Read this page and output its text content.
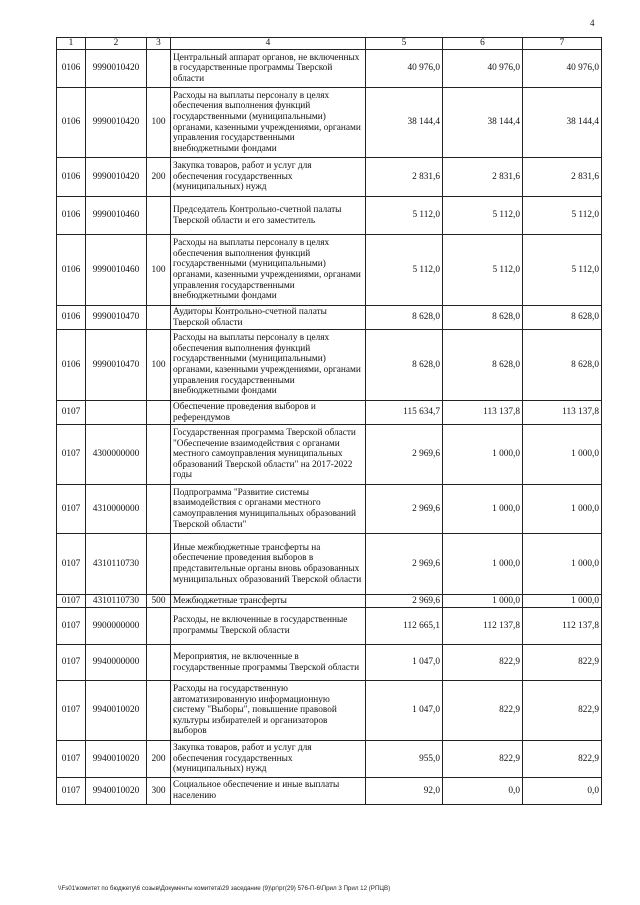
4
1	2	3	4	5	6	7
0106	9990010420		Центральный аппарат органов, не включенных в государственные программы Тверской области	40 976,0	40 976,0	40 976,0
0106	9990010420	100	Расходы на выплаты персоналу в целях обеспечения выполнения функций государственными (муниципальными) органами, казенными учреждениями, органами управления государственными внебюджетными фондами	38 144,4	38 144,4	38 144,4
0106	9990010420	200	Закупка товаров, работ и услуг для обеспечения государственных (муниципальных) нужд	2 831,6	2 831,6	2 831,6
0106	9990010460		Председатель Контрольно-счетной палаты Тверской области и его заместитель	5 112,0	5 112,0	5 112,0
0106	9990010460	100	Расходы на выплаты персоналу в целях обеспечения выполнения функций государственными (муниципальными) органами, казенными учреждениями, органами управления государственными внебюджетными фондами	5 112,0	5 112,0	5 112,0
0106	9990010470		Аудиторы Контрольно-счетной палаты Тверской области	8 628,0	8 628,0	8 628,0
0106	9990010470	100	Расходы на выплаты персоналу в целях обеспечения выполнения функций государственными (муниципальными) органами, казенными учреждениями, органами управления государственными внебюджетными фондами	8 628,0	8 628,0	8 628,0
0107			Обеспечение проведения выборов и референдумов	115 634,7	113 137,8	113 137,8
0107	4300000000		Государственная программа Тверской области "Обеспечение взаимодействия с органами местного самоуправления муниципальных образований Тверской области" на 2017-2022 годы	2 969,6	1 000,0	1 000,0
0107	4310000000		Подпрограмма "Развитие системы взаимодействия с органами местного самоуправления муниципальных образований Тверской области"	2 969,6	1 000,0	1 000,0
0107	4310110730		Иные межбюджетные трансферты на обеспечение проведения выборов в представительные органы вновь образованных муниципальных образований Тверской области	2 969,6	1 000,0	1 000,0
0107	4310110730	500	Межбюджетные трансферты	2 969,6	1 000,0	1 000,0
0107	9900000000		Расходы, не включенные в государственные программы Тверской области	112 665,1	112 137,8	112 137,8
0107	9940000000		Мероприятия, не включенные в государственные программы Тверской области	1 047,0	822,9	822,9
0107	9940010020		Расходы на государственную автоматизированную информационную систему "Выборы", повышение правовой культуры избирателей и организаторов выборов	1 047,0	822,9	822,9
0107	9940010020	200	Закупка товаров, работ и услуг для обеспечения государственных (муниципальных) нужд	955,0	822,9	822,9
0107	9940010020	300	Социальное обеспечение и иные выплаты населению	92,0	0,0	0,0
\\Fs01\комитет по бюджету\6 созыв\Документы комитета\29 заседание (9)\рг\рг(29) 576-П-6\Прил 3 Прил 12 (РПЦВ)
